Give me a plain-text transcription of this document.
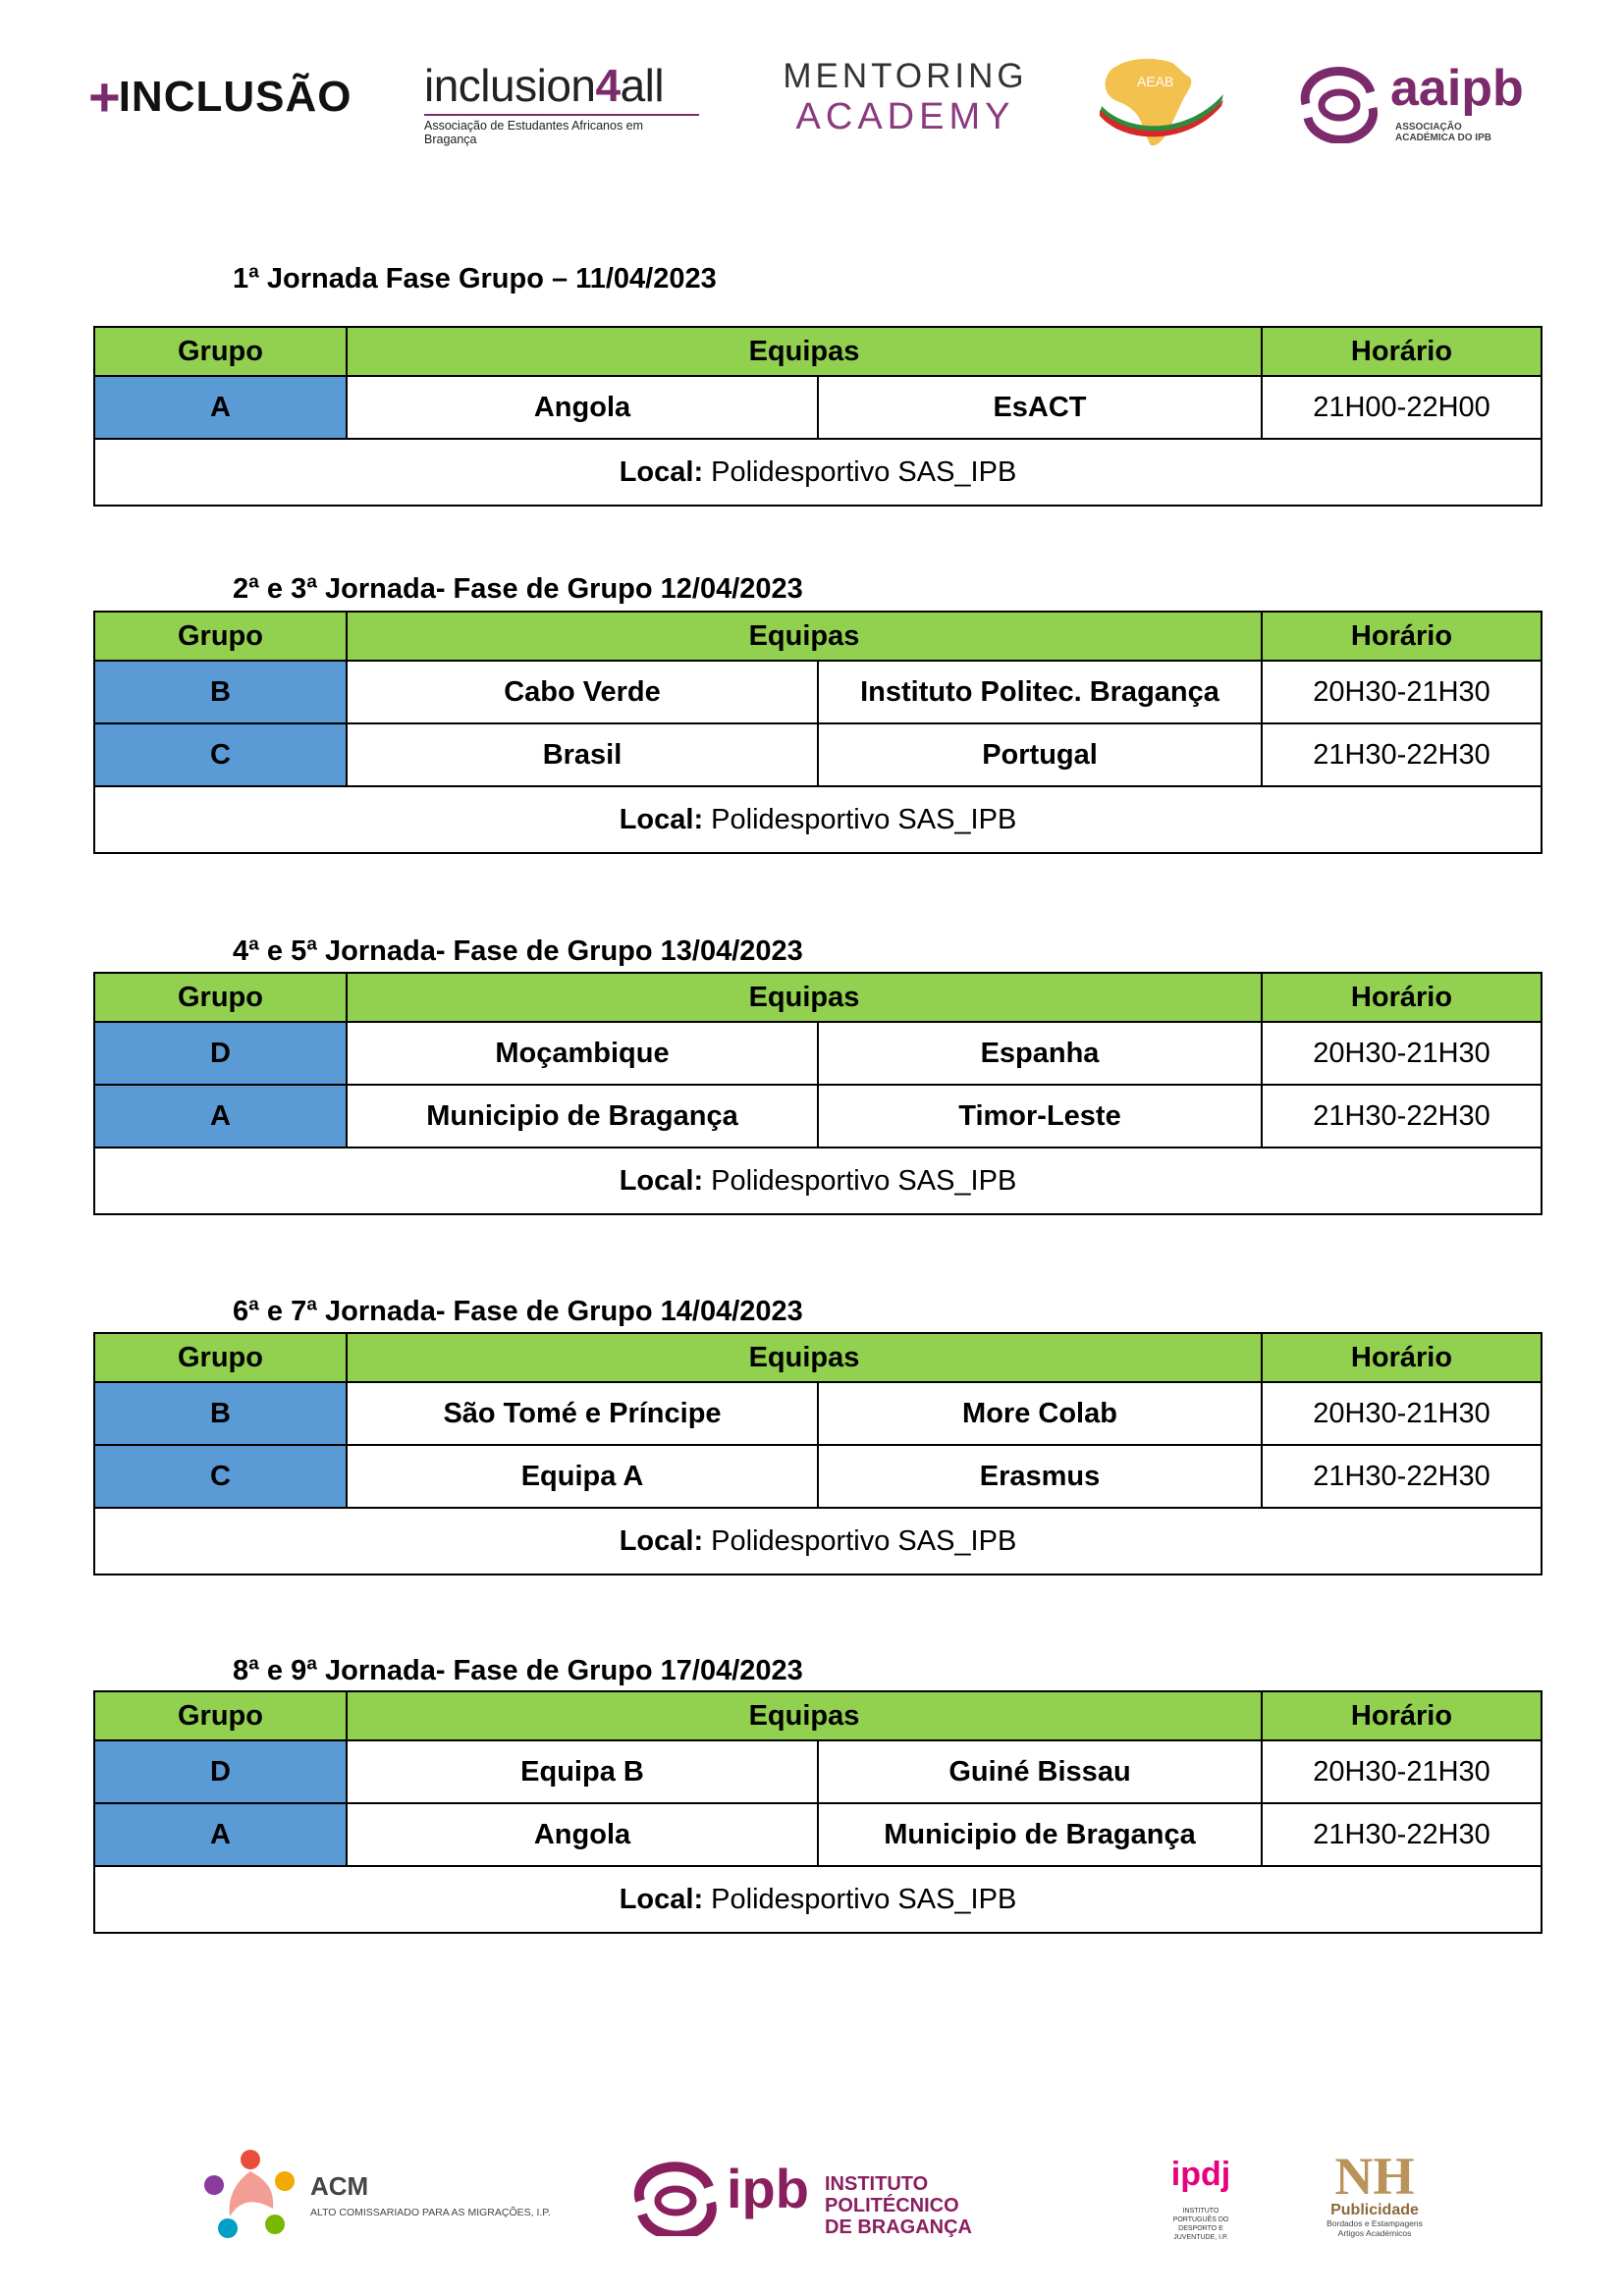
+
INCLUSÃO inclusion4all
Associação de Estudantes Africanos em Bragança
MENTORING
ACADEMY
AEAB	aaipb
ASSOCIAÇÃO
ACADÉMICA DO IPB
1ª Jornada Fase Grupo – 11/04/2023
Grupo	Equipas		Horário
A	Angola	EsACT	21H00-22H00
Local: Polidesportivo SAS_IPB			
2ª e 3ª Jornada- Fase de Grupo 12/04/2023
Grupo	Equipas		Horário
B	Cabo Verde	Instituto Politec. Bragança	20H30-21H30
C	Brasil	Portugal	21H30-22H30
Local: Polidesportivo SAS_IPB			
4ª e 5ª Jornada- Fase de Grupo 13/04/2023
Grupo	Equipas		Horário
D	Moçambique	Espanha	20H30-21H30
A	Municipio de Bragança	Timor-Leste	21H30-22H30
Local: Polidesportivo SAS_IPB			
6ª e 7ª Jornada- Fase de Grupo 14/04/2023
Grupo	Equipas		Horário
B	São Tomé e Príncipe	More Colab	20H30-21H30
C	Equipa A	Erasmus	21H30-22H30
Local: Polidesportivo SAS_IPB			
8ª e 9ª Jornada- Fase de Grupo 17/04/2023
Grupo	Equipas		Horário
D	Equipa B	Guiné Bissau	20H30-21H30
A	Angola	Municipio de Bragança	21H30-22H30
Local: Polidesportivo SAS_IPB			
ACM
ALTO COMISSARIADO PARA AS MIGRAÇÕES, I.P.	ipb INSTITUTO POLITÉCNICO
DE BRAGANÇA
ipdj
INSTITUTO PORTUGUÊS DO DESPORTO E JUVENTUDE, I.P.
NH
Publicidade
Bordados e Estampagens Artigos Académicos
